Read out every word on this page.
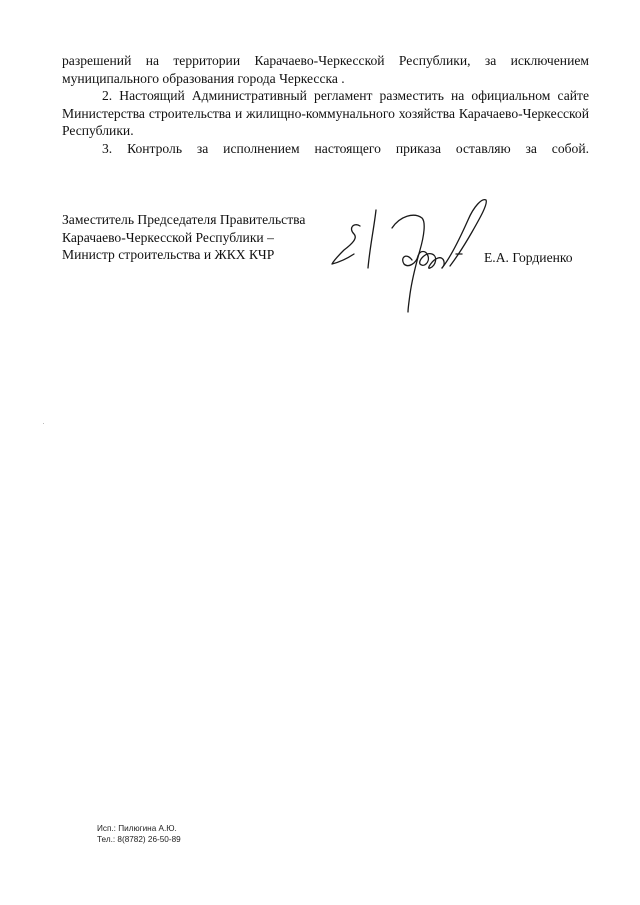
разрешений на территории Карачаево-Черкесской Республики, за исключением муниципального образования города Черкесска .

2. Настоящий Административный регламент разместить на официальном сайте Министерства строительства и жилищно-коммунального хозяйства Карачаево-Черкесской Республики.

3. Контроль за исполнением настоящего приказа оставляю за собой.

Заместитель Председателя Правительства
Карачаево-Черкесской Республики –
Министр строительства и ЖКХ КЧР	Е.А. Гордиенко
Исп.: Пилюгина А.Ю.
Тел.: 8(8782) 26-50-89
